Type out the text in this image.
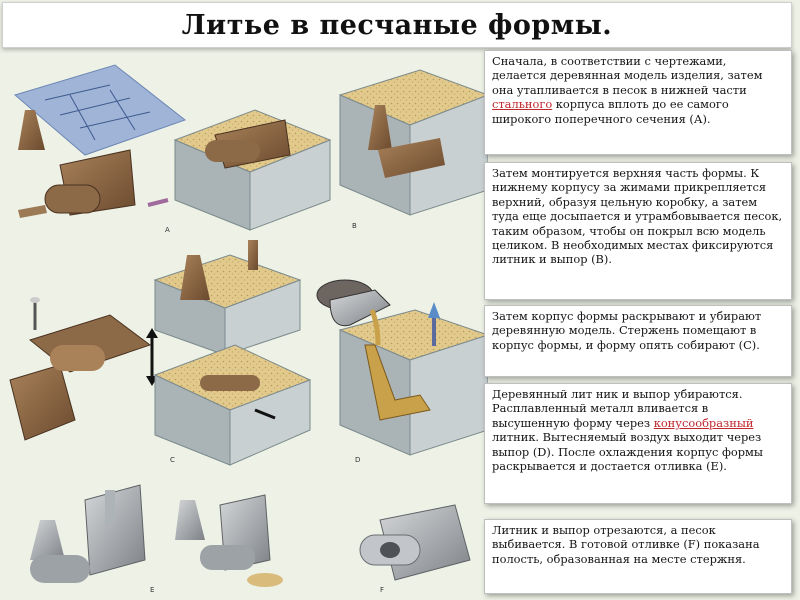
Литье в песчаные формы.
A	B
C	D
E	F
Сначала, в соответствии с чертежами, делается деревянная модель изделия, затем она утапливается в песок в нижней части стального корпуса вплоть до ее самого широкого поперечного сечения (А).
Затем монтируется верхняя часть формы. К нижнему корпусу за жимами прикрепляется верхний, образуя цельную коробку, а затем туда еще досыпается и утрамбовывается песок, таким образом, чтобы он покрыл всю модель целиком. В необходимых местах фиксируются литник и выпор (В).
Затем корпус формы раскрывают и убирают деревянную модель. Стержень помещают в корпус формы, и форму опять собирают (С).
Деревянный лит ник и выпор убираются. Расплавленный металл вливается в высушенную форму через конусообразный литник. Вытесняемый воздух выходит через выпор (D). После охлаждения корпус формы раскрывается и достается отливка (Е).
Литник и выпор отрезаются, а песок выбивается. В готовой отливке (F) показана полость, образованная на месте стержня.
